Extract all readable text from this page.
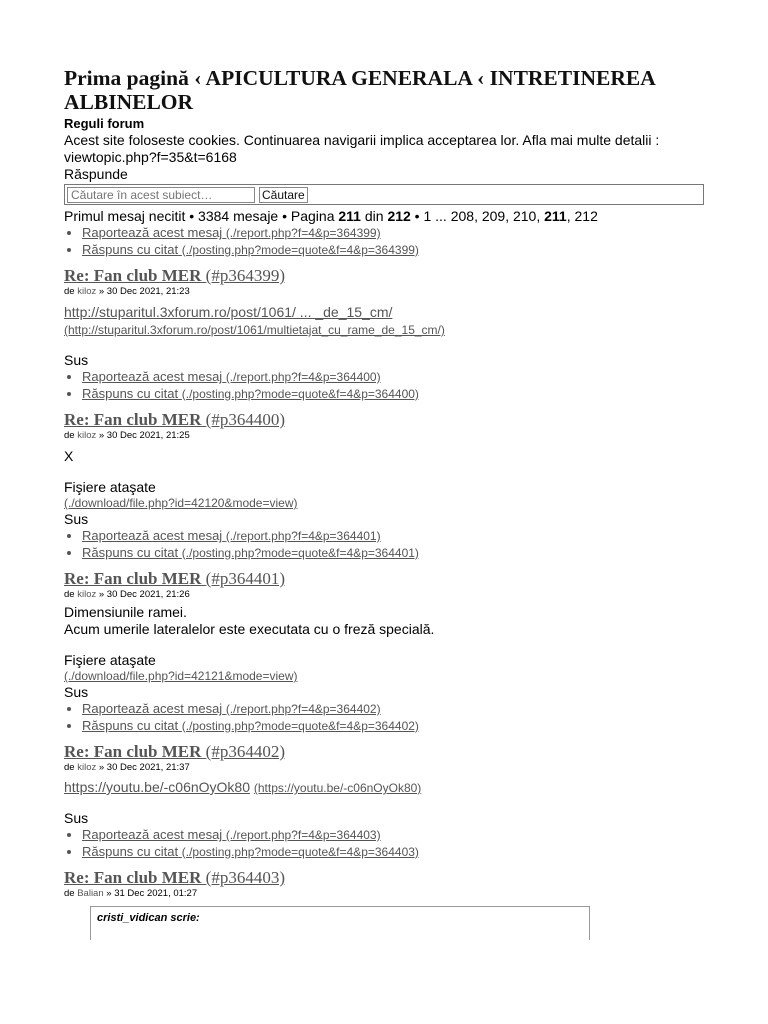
Prima pagină ‹ APICULTURA GENERALA ‹ INTRETINEREA ALBINELOR
Reguli forum
Acest site foloseste cookies. Continuarea navigarii implica acceptarea lor. Afla mai multe detalii : viewtopic.php?f=35&t=6168
Răspunde
Căutare în acest subiect…
Căutare
Primul mesaj necitit • 3384 mesaje • Pagina 211 din 212 • 1 ... 208, 209, 210, 211, 212
• Raportează acest mesaj (./report.php?f=4&p=364399)
• Răspuns cu citat (./posting.php?mode=quote&f=4&p=364399)
Re: Fan club MER (#p364399)
de kiloz » 30 Dec 2021, 21:23
http://stuparitul.3xforum.ro/post/1061/ ... _de_15_cm/
(http://stuparitul.3xforum.ro/post/1061/multietajat_cu_rame_de_15_cm/)
Sus
• Raportează acest mesaj (./report.php?f=4&p=364400)
• Răspuns cu citat (./posting.php?mode=quote&f=4&p=364400)
Re: Fan club MER (#p364400)
de kiloz » 30 Dec 2021, 21:25
X
Fişiere ataşate
(./download/file.php?id=42120&mode=view)
Sus
• Raportează acest mesaj (./report.php?f=4&p=364401)
• Răspuns cu citat (./posting.php?mode=quote&f=4&p=364401)
Re: Fan club MER (#p364401)
de kiloz » 30 Dec 2021, 21:26
Dimensiunile ramei.
Acum umerile lateralelor este executata cu o freză specială.
Fişiere ataşate
(./download/file.php?id=42121&mode=view)
Sus
• Raportează acest mesaj (./report.php?f=4&p=364402)
• Răspuns cu citat (./posting.php?mode=quote&f=4&p=364402)
Re: Fan club MER (#p364402)
de kiloz » 30 Dec 2021, 21:37
https://youtu.be/-c06nOyOk80 (https://youtu.be/-c06nOyOk80)
Sus
• Raportează acest mesaj (./report.php?f=4&p=364403)
• Răspuns cu citat (./posting.php?mode=quote&f=4&p=364403)
Re: Fan club MER (#p364403)
de Balian » 31 Dec 2021, 01:27
cristi_vidican scrie:
